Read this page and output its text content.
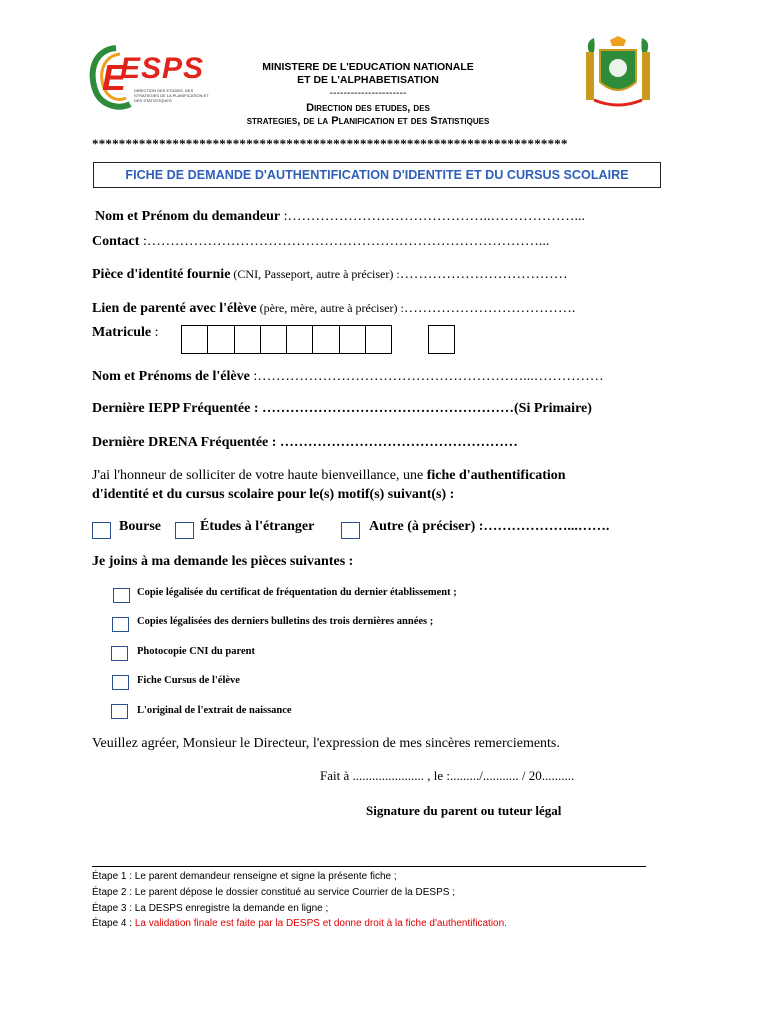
E
ESPS
DIRECTION DES ETUDES, DES STRATEGIES DE LA PLANIFICATION ET DES STATISTIQUES
MINISTERE DE L'EDUCATION NATIONALE
ET DE L'ALPHABETISATION
----------------------
Direction des etudes, des
strategies, de la Planification et des Statistiques
***********************************************************************
FICHE DE DEMANDE D'AUTHENTIFICATION D'IDENTITE ET DU CURSUS SCOLAIRE
Nom et Prénom du demandeur :……………………………………..………………...
Contact :…………………………………………………………………………...
Pièce d'identité fournie (CNI, Passeport, autre à préciser) :………………………………
Lien de parenté avec l'élève (père, mère, autre à préciser) :……………………………….
Matricule :
Nom et Prénoms de l'élève :…………………………………………………...……………
Dernière IEPP Fréquentée : ………………………………………………(Si Primaire)
Dernière DRENA Fréquentée : ……………………………………………
J'ai l'honneur de solliciter de votre haute bienveillance, une fiche d'authentification
d'identité et du cursus scolaire pour le(s) motif(s) suivant(s) :
Bourse	Études à l'étranger	Autre (à préciser) :………………...…….
Je joins à ma demande les pièces suivantes :
Copie légalisée du certificat de fréquentation du dernier établissement ;
Copies légalisées des derniers bulletins des trois dernières années ;
Photocopie CNI du parent
Fiche Cursus de l'élève
L'original de l'extrait de naissance
Veuillez agréer, Monsieur le Directeur, l'expression de mes sincères remerciements.
Fait à ...................... , le :........./........... / 20..........
Signature du parent ou tuteur légal
Étape 1 : Le parent demandeur renseigne et signe la présente fiche ;
Étape 2 : Le parent dépose le dossier constitué au service Courrier de la DESPS ;
Étape 3 : La DESPS enregistre la demande en ligne ;
Étape 4 : La validation finale est faite par la DESPS et donne droit à la fiche d'authentification.
